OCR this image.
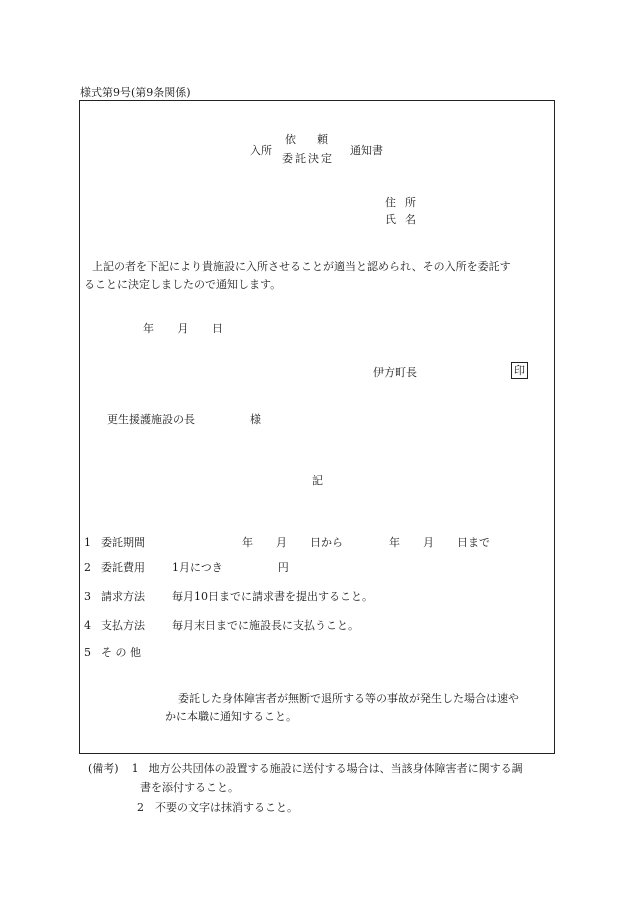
様式第9号(第9条関係)
入所
依頼
委託決定
通知書
住所
氏名
上記の者を下記により貴施設に入所させることが適当と認められ、その入所を委託す
ることに決定しましたので通知します。
年 月 日
伊方町長	印
更生援護施設の長	様
記
1 委託期間	年 月 日から	年 月 日まで
2 委託費用 1月につき　　　　　円
3 請求方法 毎月10日までに請求書を提出すること。
4 支払方法 毎月末日までに施設長に支払うこと。
5 そ の 他
委託した身体障害者が無断で退所する等の事故が発生した場合は速や
かに本職に通知すること。
(備考) 1 地方公共団体の設置する施設に送付する場合は、当該身体障害者に関する調
書を添付すること。
2 不要の文字は抹消すること。
